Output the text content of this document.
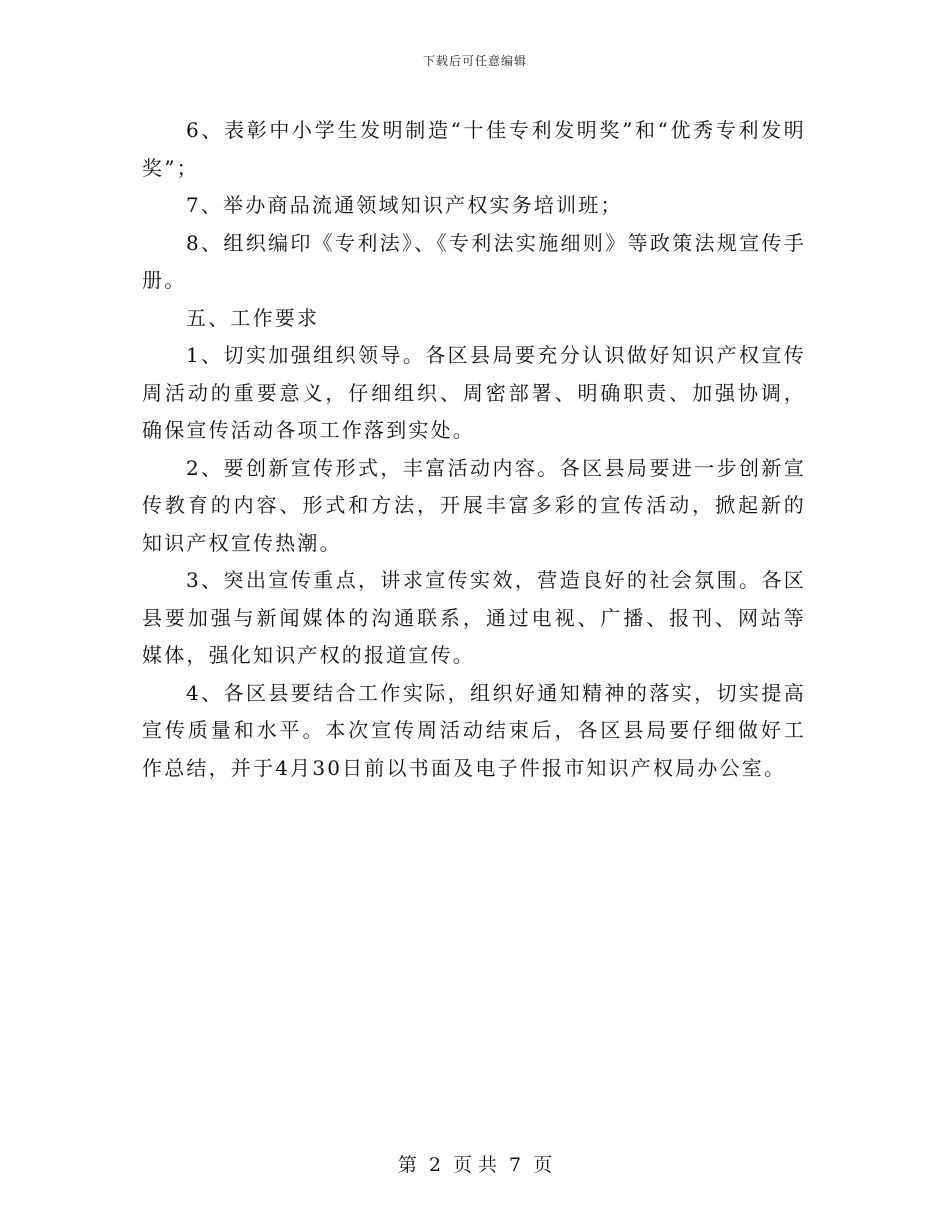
下载后可任意编辑

6、表彰中小学生发明制造“十佳专利发明奖”和“优秀专利发明奖”；

7、举办商品流通领域知识产权实务培训班；

8、组织编印《专利法》、《专利法实施细则》等政策法规宣传手册。

五、工作要求

1、切实加强组织领导。各区县局要充分认识做好知识产权宣传周活动的重要意义，仔细组织、周密部署、明确职责、加强协调，确保宣传活动各项工作落到实处。

2、要创新宣传形式，丰富活动内容。各区县局要进一步创新宣传教育的内容、形式和方法，开展丰富多彩的宣传活动，掀起新的知识产权宣传热潮。

3、突出宣传重点，讲求宣传实效，营造良好的社会氛围。各区县要加强与新闻媒体的沟通联系，通过电视、广播、报刊、网站等媒体，强化知识产权的报道宣传。

4、各区县要结合工作实际，组织好通知精神的落实，切实提高宣传质量和水平。本次宣传周活动结束后，各区县局要仔细做好工作总结，并于4月30日前以书面及电子件报市知识产权局办公室。

第 2 页 共 7 页
